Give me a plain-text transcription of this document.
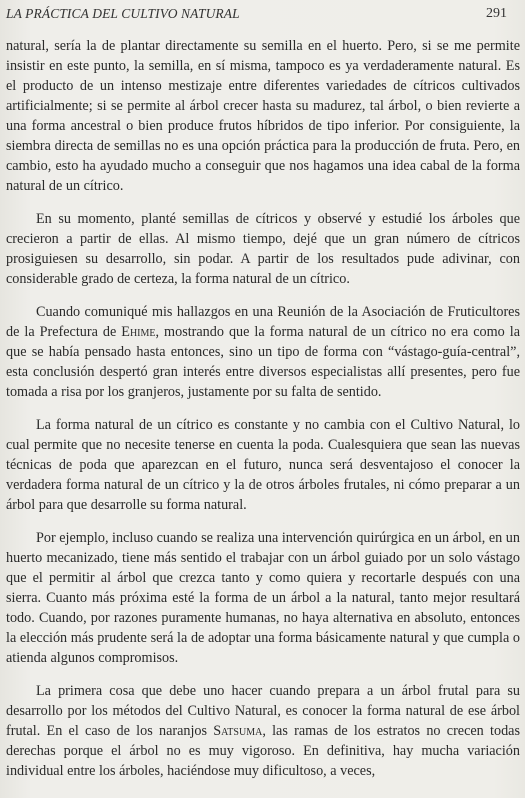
LA PRÁCTICA DEL CULTIVO NATURAL	291

natural, sería la de plantar directamente su semilla en el huerto. Pero, si se me permite insistir en este punto, la semilla, en sí misma, tampoco es ya verdaderamente natural. Es el producto de un intenso mestizaje entre diferentes variedades de cítricos cultivados artificialmente; si se permite al árbol crecer hasta su madurez, tal árbol, o bien revierte a una forma ancestral o bien produce frutos híbridos de tipo inferior. Por consiguiente, la siembra directa de semillas no es una opción práctica para la producción de fruta. Pero, en cambio, esto ha ayudado mucho a conseguir que nos hagamos una idea cabal de la forma natural de un cítrico.

En su momento, planté semillas de cítricos y observé y estudié los árboles que crecieron a partir de ellas. Al mismo tiempo, dejé que un gran número de cítricos prosiguiesen su desarrollo, sin podar. A partir de los resultados pude adivinar, con considerable grado de certeza, la forma natural de un cítrico.

Cuando comuniqué mis hallazgos en una Reunión de la Asociación de Fruticultores de la Prefectura de Ehime, mostrando que la forma natural de un cítrico no era como la que se había pensado hasta entonces, sino un tipo de forma con “vástago-guía-central”, esta conclusión despertó gran interés entre diversos especialistas allí presentes, pero fue tomada a risa por los granjeros, justamente por su falta de sentido.

La forma natural de un cítrico es constante y no cambia con el Cultivo Natural, lo cual permite que no necesite tenerse en cuenta la poda. Cualesquiera que sean las nuevas técnicas de poda que aparezcan en el futuro, nunca será desventajoso el conocer la verdadera forma natural de un cítrico y la de otros árboles frutales, ni cómo preparar a un árbol para que desarrolle su forma natural.

Por ejemplo, incluso cuando se realiza una intervención quirúrgica en un árbol, en un huerto mecanizado, tiene más sentido el trabajar con un árbol guiado por un solo vástago que el permitir al árbol que crezca tanto y como quiera y recortarle después con una sierra. Cuanto más próxima esté la forma de un árbol a la natural, tanto mejor resultará todo. Cuando, por razones puramente humanas, no haya alternativa en absoluto, entonces la elección más prudente será la de adoptar una forma básicamente natural y que cumpla o atienda algunos compromisos.

La primera cosa que debe uno hacer cuando prepara a un árbol frutal para su desarrollo por los métodos del Cultivo Natural, es conocer la forma natural de ese árbol frutal. En el caso de los naranjos Satsuma, las ramas de los estratos no crecen todas derechas porque el árbol no es muy vigoroso. En definitiva, hay mucha variación individual entre los árboles, haciéndose muy dificultoso, a veces,
